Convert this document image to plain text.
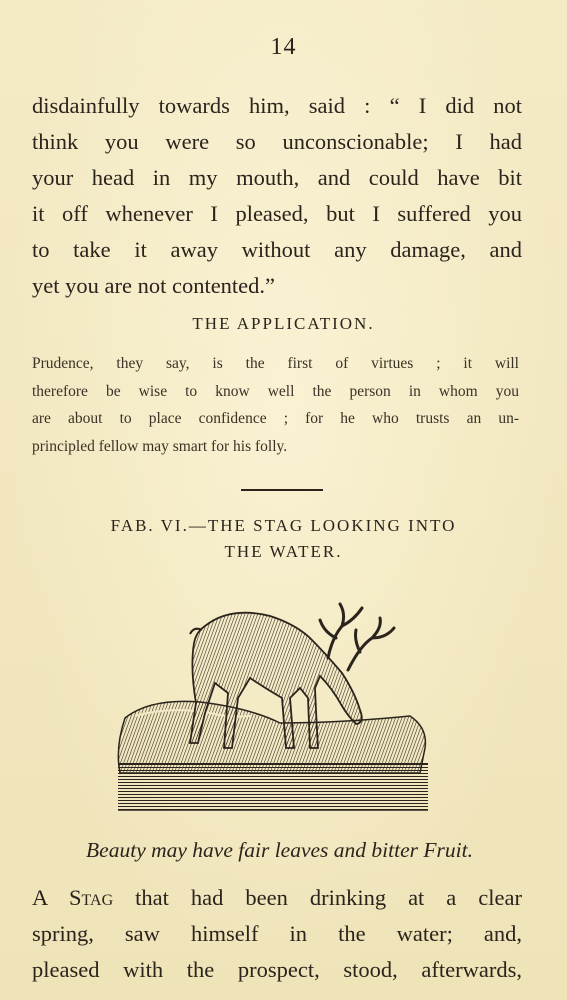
14
disdainfully towards him, said : “ I did not
think you were so unconscionable; I had
your head in my mouth, and could have bit
it off whenever I pleased, but I suffered you
to take it away without any damage, and
yet you are not contented.”
THE APPLICATION.
Prudence, they say, is the first of virtues ; it will
therefore be wise to know well the person in whom you
are about to place confidence ; for he who trusts an un-
principled fellow may smart for his folly.
FAB. VI.—THE STAG LOOKING INTO
THE WATER.
Beauty may have fair leaves and bitter Fruit.
A Stag that had been drinking at a clear
spring, saw himself in the water; and,
pleased with the prospect, stood, afterwards,
